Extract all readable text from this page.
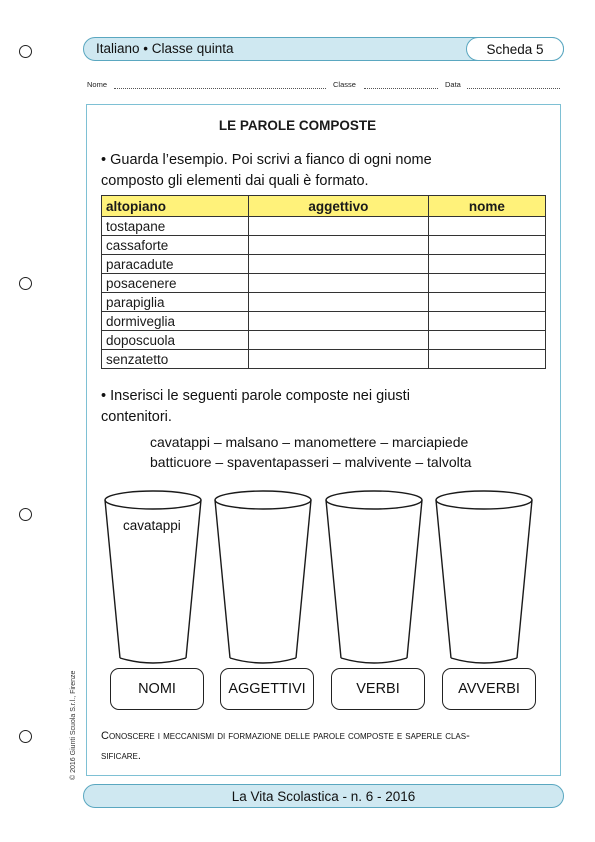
Italiano • Classe quinta	Scheda 5
Nome	Classe	Data
LE PAROLE COMPOSTE
• Guarda l’esempio. Poi scrivi a fianco di ogni nome
composto gli elementi dai quali è formato.
altopiano	aggettivo	nome
tostapane		
cassaforte		
paracadute		
posacenere		
parapiglia		
dormiveglia		
doposcuola		
senzatetto		
• Inserisci le seguenti parole composte nei giusti
contenitori.
cavatappi – malsano – manomettere – marciapiede
batticuore – spaventapasseri – malvivente – talvolta
cavatappi
NOMI	AGGETTIVI	VERBI	AVVERBI
Conoscere i meccanismi di formazione delle parole composte e saperle clas-
sificare.
© 2016 Giunti Scuola S.r.l., Firenze
La Vita Scolastica - n. 6 - 2016
